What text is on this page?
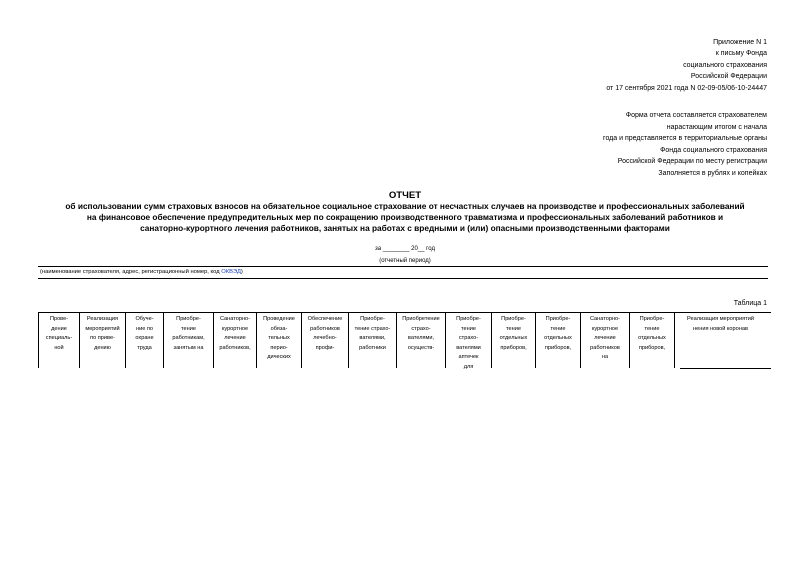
Приложение N 1
к письму Фонда
социального страхования
Российской Федерации
от 17 сентября 2021 года N 02-09-05/06-10-24447
Форма отчета составляется страхователем
нарастающим итогом с начала
года и представляется в территориальные органы
Фонда социального страхования
Российской Федерации по месту регистрации
Заполняется в рублях и копейках
ОТЧЕТ
об использовании сумм страховых взносов на обязательное социальное страхование от несчастных случаев на производстве и профессиональных заболеваний
на финансовое обеспечение предупредительных мер по сокращению производственного травматизма и профессиональных заболеваний работников и
санаторно-курортного лечения работников, занятых на работах с вредными и (или) опасными производственными факторами
за ________ 20__ год
(отчетный период)
(наименование страхователя, адрес, регистрационный номер, код ОКВЭД)
Таблица 1
Прове-
дение
специаль-
ной
Реализация
мероприятий
по приве-
дению
Обуче-
ние по
охране
труда
Приобре-
тение
работникам,
занятым на
Санаторно-
курортное
лечение
работников,
Проведение
обяза-
тельных
перио-
дических
Обеспечение
работников
лечебно-
профи-
Приобре-
тение страхо-
вателями,
работники
Приобретение
страхо-
вателями,
осуществ-
Приобре-
тение
страхо-
вателями
аптечек
для
Приобре-
тение
отдельных
приборов,
Приобре-
тение
отдельных
приборов,
Санаторно-
курортное
лечение
работников
на
Приобре-
тение
отдельных
приборов,
Реализация мероприятий
нения новой коронав
